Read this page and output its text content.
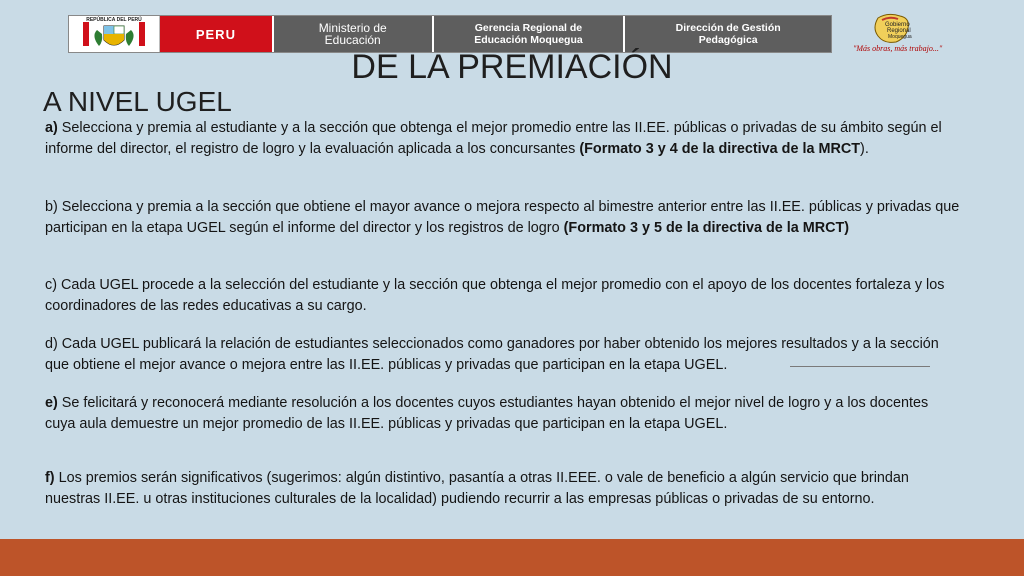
REPÚBLICA DEL PERÚ
PERU	Ministerio de
Educación
Gerencia Regional de
Educación Moquegua
Dirección de Gestión
Pedagógica
Gobierno
Regional
Moquegua
"Más obras, más trabajo..."
DE LA PREMIACIÓN
A NIVEL UGEL
a) Selecciona y premia al estudiante y a la sección que obtenga el mejor promedio entre las II.EE. públicas o privadas de su ámbito según el informe del director, el registro de logro y la evaluación aplicada a los concursantes (Formato 3 y 4 de la directiva de la MRCT).
b) Selecciona y premia a la sección que obtiene el mayor avance o mejora respecto al bimestre anterior entre las II.EE. públicas y privadas que participan en la etapa UGEL según el informe del director y los registros de logro (Formato 3 y 5 de la directiva de la MRCT)
c) Cada UGEL procede a la selección del estudiante y la sección que obtenga el mejor promedio con el apoyo de los docentes fortaleza y los coordinadores de las redes educativas a su cargo.
d) Cada UGEL publicará la relación de estudiantes seleccionados como ganadores por haber obtenido los mejores resultados y a la sección que obtiene el mejor avance o mejora entre las II.EE. públicas y privadas que participan en la etapa UGEL.
e) Se felicitará y reconocerá mediante resolución a los docentes cuyos estudiantes hayan obtenido el mejor nivel de logro y a los docentes cuya aula demuestre un mejor promedio de las II.EE. públicas y privadas que participan en la etapa UGEL.
f) Los premios serán significativos (sugerimos: algún distintivo, pasantía a otras II.EEE. o vale de beneficio a algún servicio que brindan nuestras II.EE. u otras instituciones culturales de la localidad) pudiendo recurrir a las empresas públicas o privadas de su entorno.
